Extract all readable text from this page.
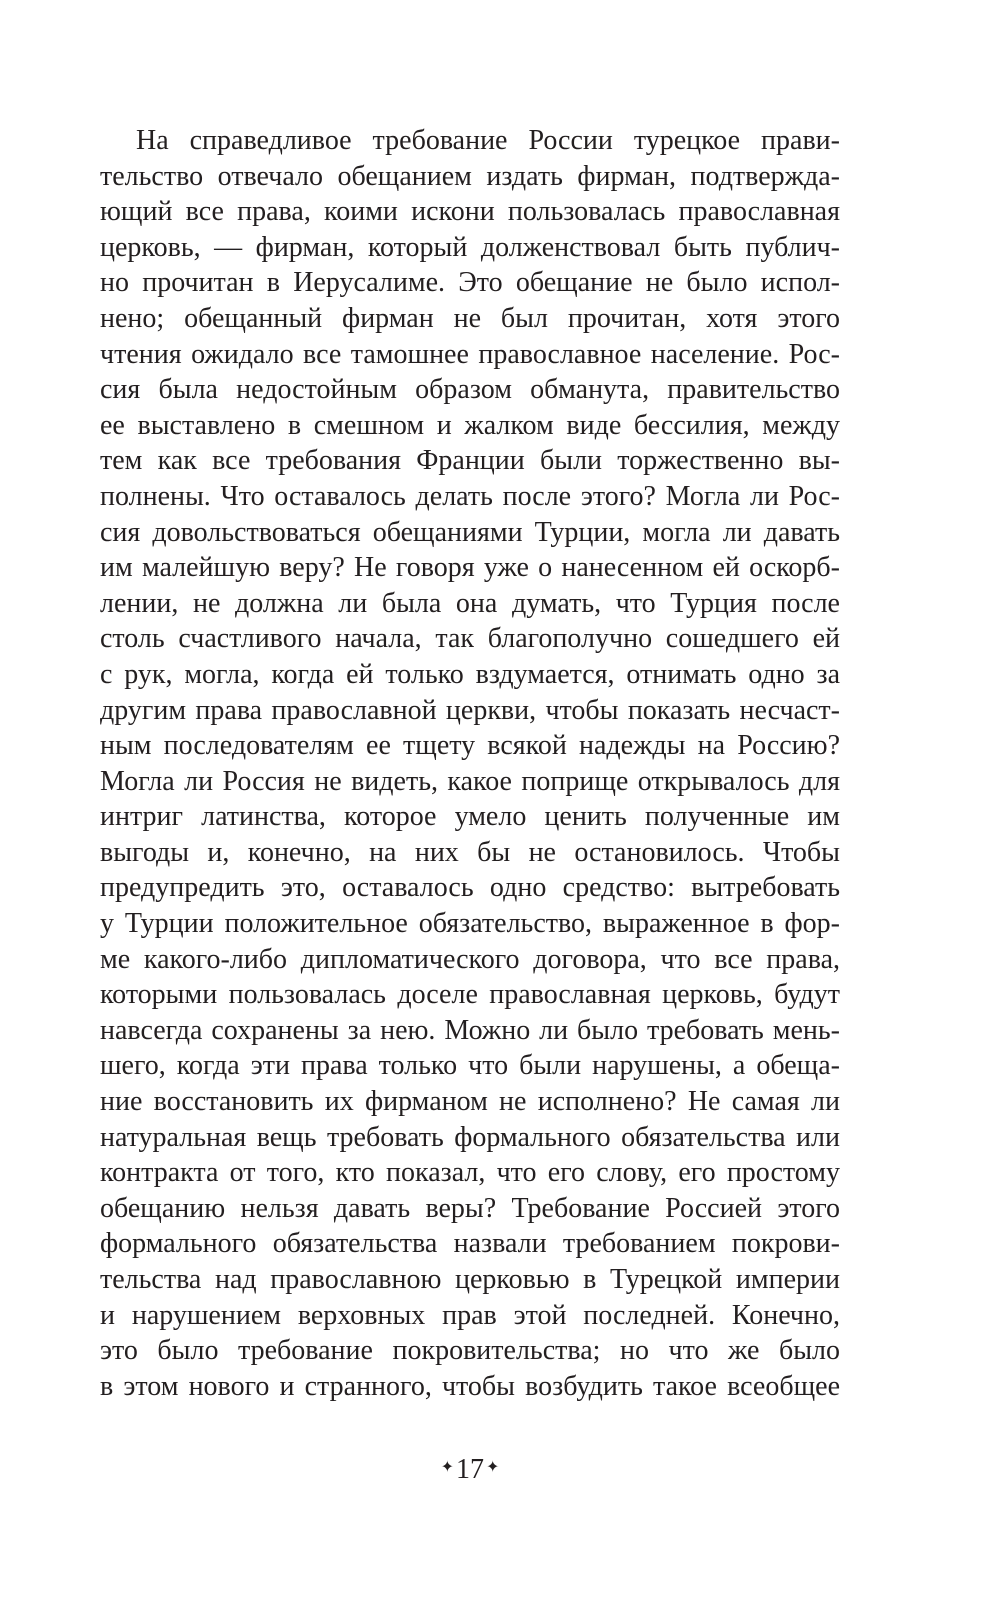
На справедливое требование России турецкое прави-
тельство отвечало обещанием издать фирман, подтвержда-
ющий все права, коими искони пользовалась православная
церковь, — фирман, который долженствовал быть публич-
но прочитан в Иерусалиме. Это обещание не было испол-
нено; обещанный фирман не был прочитан, хотя этого
чтения ожидало все тамошнее православное население. Рос-
сия была недостойным образом обманута, правительство
ее выставлено в смешном и жалком виде бессилия, между
тем как все требования Франции были торжественно вы-
полнены. Что оставалось делать после этого? Могла ли Рос-
сия довольствоваться обещаниями Турции, могла ли давать
им малейшую веру? Не говоря уже о нанесенном ей оскорб-
лении, не должна ли была она думать, что Турция после
столь счастливого начала, так благополучно сошедшего ей
с рук, могла, когда ей только вздумается, отнимать одно за
другим права православной церкви, чтобы показать несчаст-
ным последователям ее тщету всякой надежды на Россию?
Могла ли Россия не видеть, какое поприще открывалось для
интриг латинства, которое умело ценить полученные им
выгоды и, конечно, на них бы не остановилось. Чтобы
предупредить это, оставалось одно средство: вытребовать
у Турции положительное обязательство, выраженное в фор-
ме какого-либо дипломатического договора, что все права,
которыми пользовалась доселе православная церковь, будут
навсегда сохранены за нею. Можно ли было требовать мень-
шего, когда эти права только что были нарушены, а обеща-
ние восстановить их фирманом не исполнено? Не самая ли
натуральная вещь требовать формального обязательства или
контракта от того, кто показал, что его слову, его простому
обещанию нельзя давать веры? Требование Россией этого
формального обязательства назвали требованием покрови-
тельства над православною церковью в Турецкой империи
и нарушением верховных прав этой последней. Конечно,
это было требование покровительства; но что же было
в этом нового и странного, чтобы возбудить такое всеобщее
✦17 ✦
